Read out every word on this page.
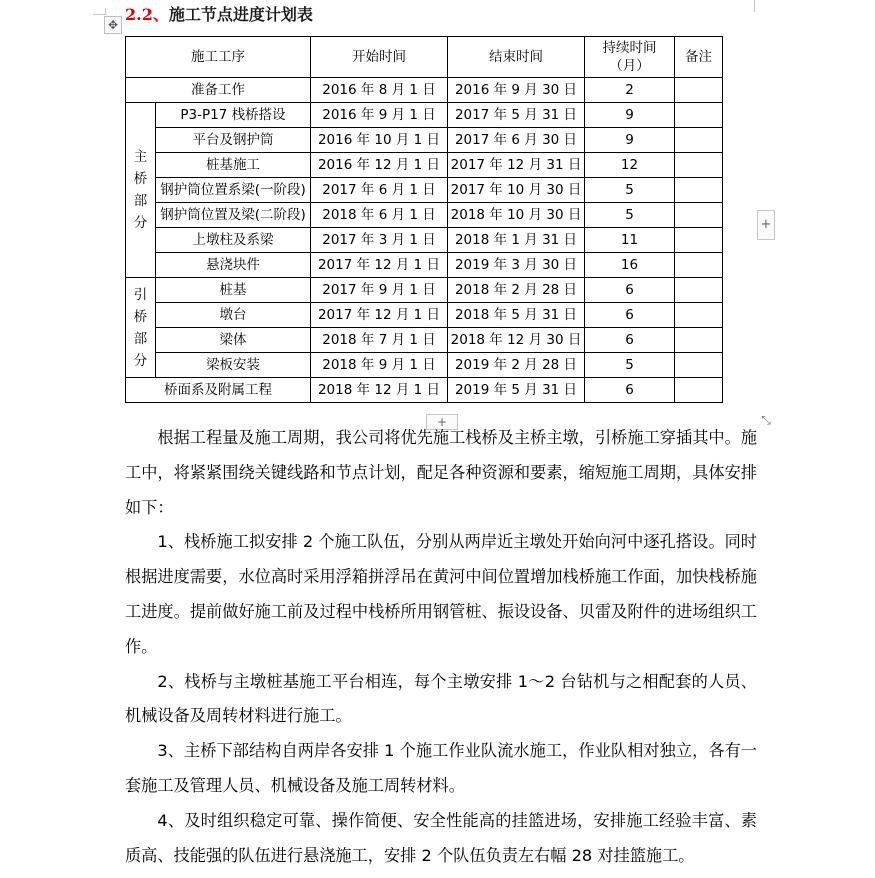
✥
2.2、施工节点进度计划表
施工工序		开始时间	结束时间	持续时间（月）	备注
准备工作		2016 年 8 月 1 日	2016 年 9 月 30 日	2	
主桥部分	P3-P17 栈桥搭设	2016 年 9 月 1 日	2017 年 5 月 31 日	9	
	平台及钢护筒	2016 年 10 月 1 日	2017 年 6 月 30 日	9	
	桩基施工	2016 年 12 月 1 日	2017 年 12 月 31 日	12	
	钢护筒位置系梁(一阶段)	2017 年 6 月 1 日	2017 年 10 月 30 日	5	
	钢护筒位置及梁(二阶段)	2018 年 6 月 1 日	2018 年 10 月 30 日	5	
	上墩柱及系梁	2017 年 3 月 1 日	2018 年 1 月 31 日	11	
	悬浇块件	2017 年 12 月 1 日	2019 年 3 月 30 日	16	
引桥部分	桩基	2017 年 9 月 1 日	2018 年 2 月 28 日	6	
	墩台	2017 年 12 月 1 日	2018 年 5 月 31 日	6	
	梁体	2018 年 7 月 1 日	2018 年 12 月 30 日	6	
	梁板安装	2018 年 9 月 1 日	2019 年 2 月 28 日	5	
桥面系及附属工程		2018 年 12 月 1 日	2019 年 5 月 31 日	6	
+
+	⤡

根据工程量及施工周期，我公司将优先施工栈桥及主桥主墩，引桥施工穿插其中。施工中，将紧紧围绕关键线路和节点计划，配足各种资源和要素，缩短施工周期，具体安排如下：

1、栈桥施工拟安排 2 个施工队伍，分别从两岸近主墩处开始向河中逐孔搭设。同时根据进度需要，水位高时采用浮箱拼浮吊在黄河中间位置增加栈桥施工作面，加快栈桥施工进度。提前做好施工前及过程中栈桥所用钢管桩、振设设备、贝雷及附件的进场组织工作。

2、栈桥与主墩桩基施工平台相连，每个主墩安排 1～2 台钻机与之相配套的人员、机械设备及周转材料进行施工。

3、主桥下部结构自两岸各安排 1 个施工作业队流水施工，作业队相对独立，各有一套施工及管理人员、机械设备及施工周转材料。

4、及时组织稳定可靠、操作简便、安全性能高的挂篮进场，安排施工经验丰富、素质高、技能强的队伍进行悬浇施工，安排 2 个队伍负责左右幅 28 对挂篮施工。
